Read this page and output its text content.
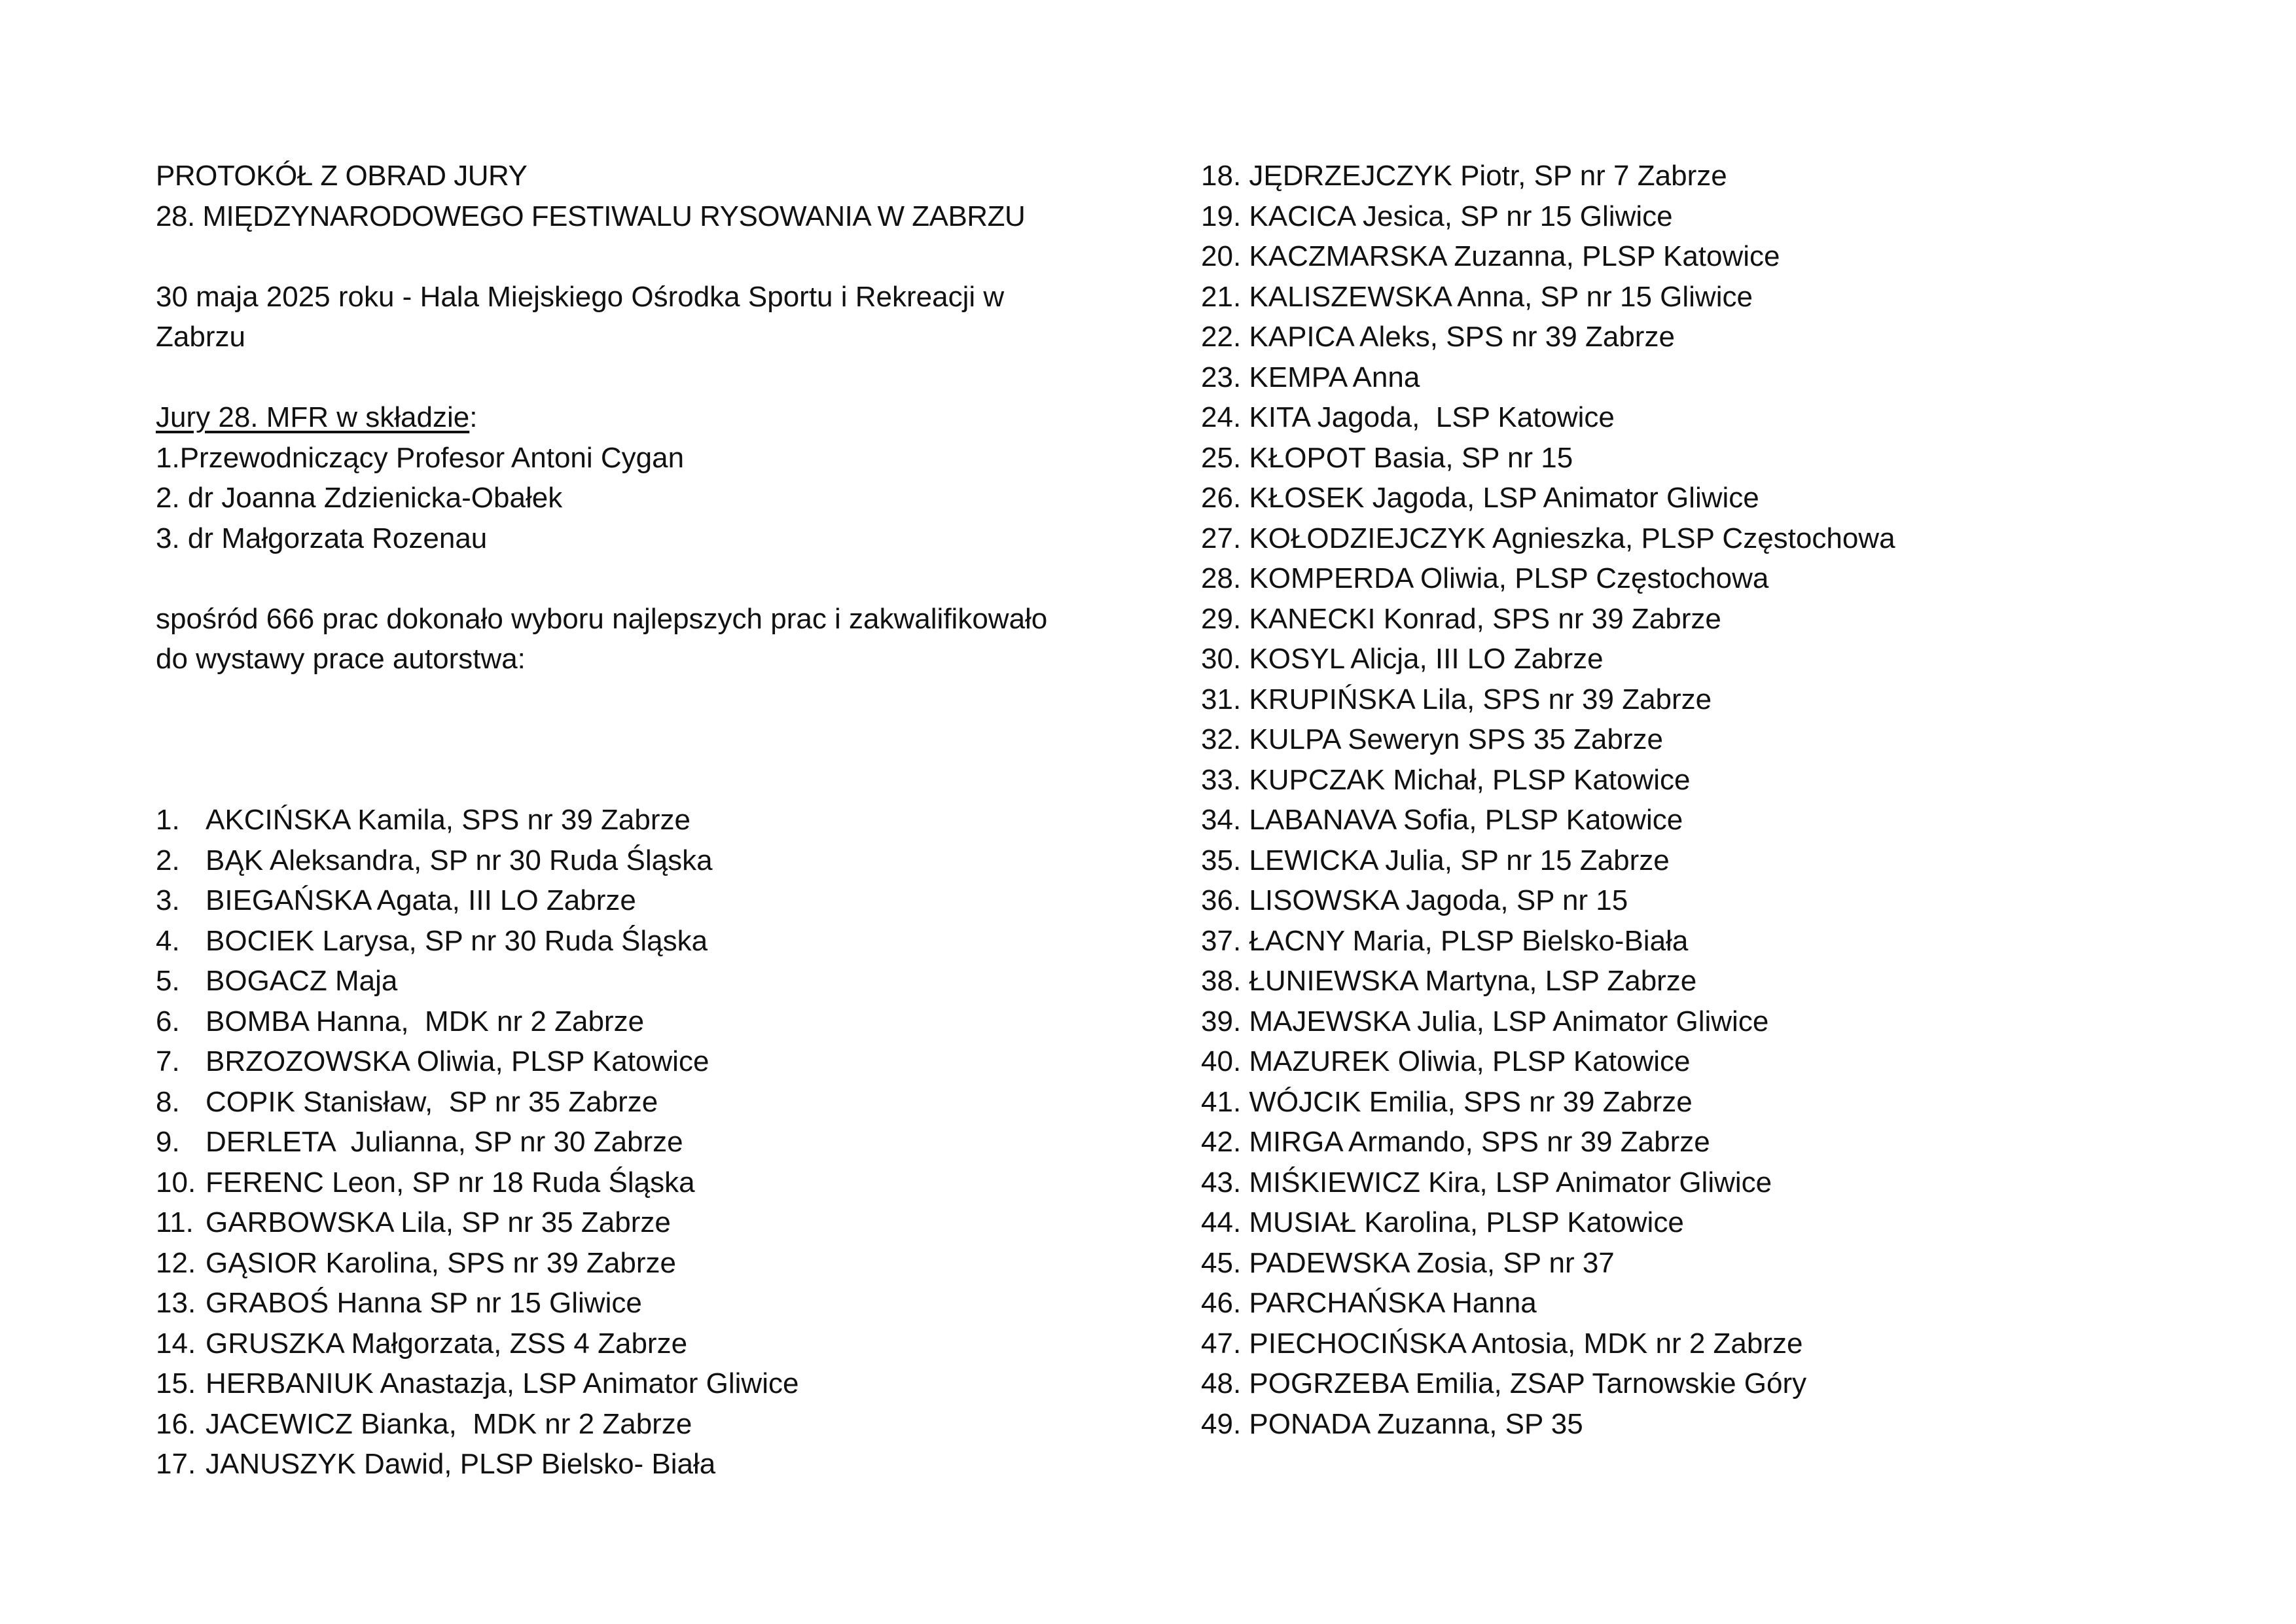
PROTOKÓŁ Z OBRAD JURY
28. MIĘDZYNARODOWEGO FESTIWALU RYSOWANIA W ZABRZU
30 maja 2025 roku - Hala Miejskiego Ośrodka Sportu i Rekreacji w
Zabrzu
Jury 28. MFR w składzie:
1.Przewodniczący Profesor Antoni Cygan
2. dr Joanna Zdzienicka-Obałek
3. dr Małgorzata Rozenau
spośród 666 prac dokonało wyboru najlepszych prac i zakwalifikowało
do wystawy prace autorstwa:
1. AKCIŃSKA Kamila, SPS nr 39 Zabrze
2. BĄK Aleksandra, SP nr 30 Ruda Śląska
3. BIEGAŃSKA Agata, III LO Zabrze
4. BOCIEK Larysa, SP nr 30 Ruda Śląska
5. BOGACZ Maja
6. BOMBA Hanna,  MDK nr 2 Zabrze
7. BRZOZOWSKA Oliwia, PLSP Katowice
8. COPIK Stanisław,  SP nr 35 Zabrze
9. DERLETA  Julianna, SP nr 30 Zabrze
10. FERENC Leon, SP nr 18 Ruda Śląska
11. GARBOWSKA Lila, SP nr 35 Zabrze
12. GĄSIOR Karolina, SPS nr 39 Zabrze
13. GRABOŚ Hanna SP nr 15 Gliwice
14. GRUSZKA Małgorzata, ZSS 4 Zabrze
15. HERBANIUK Anastazja, LSP Animator Gliwice
16. JACEWICZ Bianka,  MDK nr 2 Zabrze
17. JANUSZYK Dawid, PLSP Bielsko- Biała
18. JĘDRZEJCZYK Piotr, SP nr 7 Zabrze
19. KACICA Jesica, SP nr 15 Gliwice
20. KACZMARSKA Zuzanna, PLSP Katowice
21. KALISZEWSKA Anna, SP nr 15 Gliwice
22. KAPICA Aleks, SPS nr 39 Zabrze
23. KEMPA Anna
24. KITA Jagoda,  LSP Katowice
25. KŁOPOT Basia, SP nr 15
26. KŁOSEK Jagoda, LSP Animator Gliwice
27. KOŁODZIEJCZYK Agnieszka, PLSP Częstochowa
28. KOMPERDA Oliwia, PLSP Częstochowa
29. KANECKI Konrad, SPS nr 39 Zabrze
30. KOSYL Alicja, III LO Zabrze
31. KRUPIŃSKA Lila, SPS nr 39 Zabrze
32. KULPA Seweryn SPS 35 Zabrze
33. KUPCZAK Michał, PLSP Katowice
34. LABANAVA Sofia, PLSP Katowice
35. LEWICKA Julia, SP nr 15 Zabrze
36. LISOWSKA Jagoda, SP nr 15
37. ŁACNY Maria, PLSP Bielsko-Biała
38. ŁUNIEWSKA Martyna, LSP Zabrze
39. MAJEWSKA Julia, LSP Animator Gliwice
40. MAZUREK Oliwia, PLSP Katowice
41. WÓJCIK Emilia, SPS nr 39 Zabrze
42. MIRGA Armando, SPS nr 39 Zabrze
43. MIŚKIEWICZ Kira, LSP Animator Gliwice
44. MUSIAŁ Karolina, PLSP Katowice
45. PADEWSKA Zosia, SP nr 37
46. PARCHAŃSKA Hanna
47. PIECHOCIŃSKA Antosia, MDK nr 2 Zabrze
48. POGRZEBA Emilia, ZSAP Tarnowskie Góry
49. PONADA Zuzanna, SP 35
